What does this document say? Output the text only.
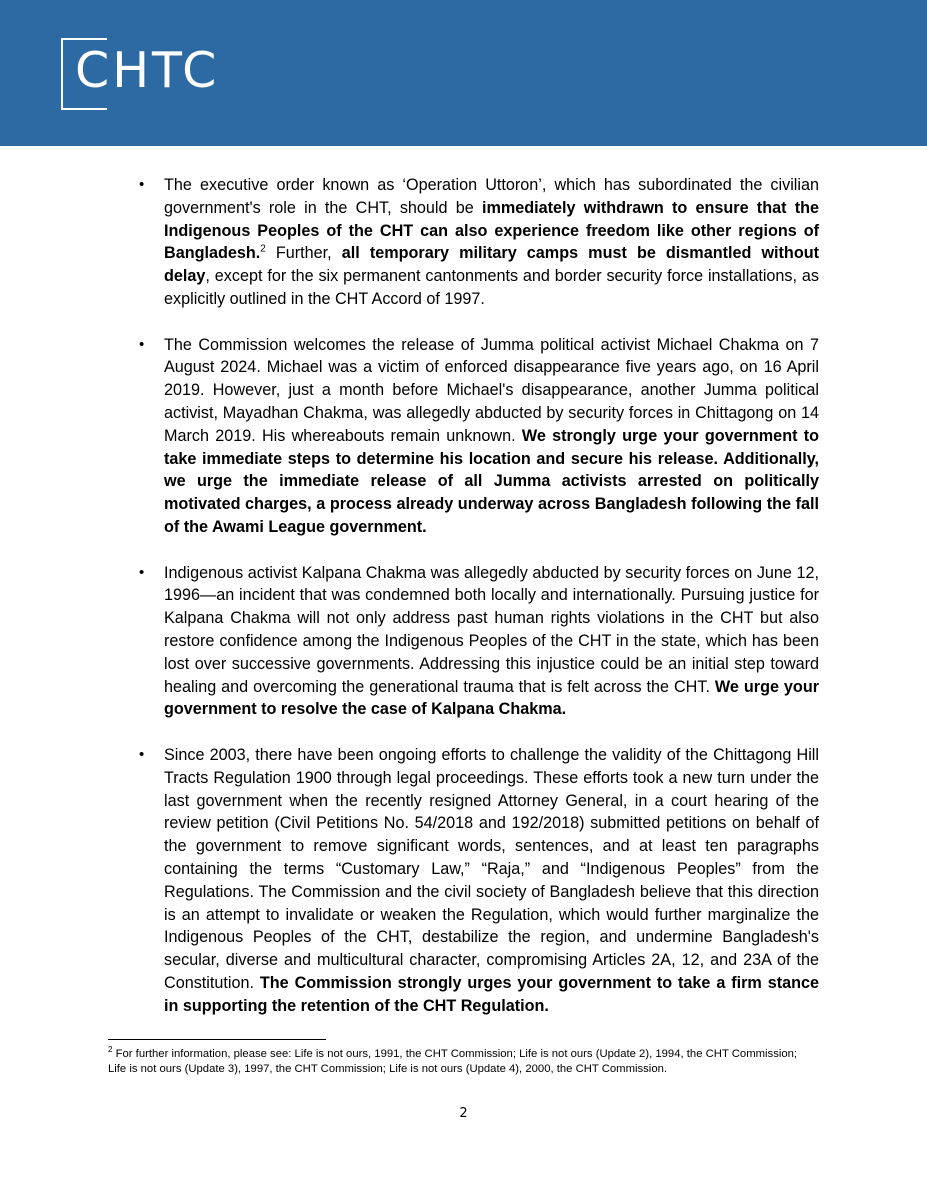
CHTC
• The executive order known as ‘Operation Uttoron’, which has subordinated the civilian government's role in the CHT, should be immediately withdrawn to ensure that the Indigenous Peoples of the CHT can also experience freedom like other regions of Bangladesh.$^2$ Further, all temporary military camps must be dismantled without delay, except for the six permanent cantonments and border security force installations, as explicitly outlined in the CHT Accord of 1997.
• The Commission welcomes the release of Jumma political activist Michael Chakma on 7 August 2024. Michael was a victim of enforced disappearance five years ago, on 16 April 2019. However, just a month before Michael's disappearance, another Jumma political activist, Mayadhan Chakma, was allegedly abducted by security forces in Chittagong on 14 March 2019. His whereabouts remain unknown. We strongly urge your government to take immediate steps to determine his location and secure his release. Additionally, we urge the immediate release of all Jumma activists arrested on politically motivated charges, a process already underway across Bangladesh following the fall of the Awami League government.
• Indigenous activist Kalpana Chakma was allegedly abducted by security forces on June 12, 1996—an incident that was condemned both locally and internationally. Pursuing justice for Kalpana Chakma will not only address past human rights violations in the CHT but also restore confidence among the Indigenous Peoples of the CHT in the state, which has been lost over successive governments. Addressing this injustice could be an initial step toward healing and overcoming the generational trauma that is felt across the CHT. We urge your government to resolve the case of Kalpana Chakma.
• Since 2003, there have been ongoing efforts to challenge the validity of the Chittagong Hill Tracts Regulation 1900 through legal proceedings. These efforts took a new turn under the last government when the recently resigned Attorney General, in a court hearing of the review petition (Civil Petitions No. 54/2018 and 192/2018) submitted petitions on behalf of the government to remove significant words, sentences, and at least ten paragraphs containing the terms “Customary Law,” “Raja,” and “Indigenous Peoples” from the Regulations. The Commission and the civil society of Bangladesh believe that this direction is an attempt to invalidate or weaken the Regulation, which would further marginalize the Indigenous Peoples of the CHT, destabilize the region, and undermine Bangladesh's secular, diverse and multicultural character, compromising Articles 2A, 12, and 23A of the Constitution. The Commission strongly urges your government to take a firm stance in supporting the retention of the CHT Regulation.
$^2$ For further information, please see: Life is not ours, 1991, the CHT Commission; Life is not ours (Update 2), 1994, the CHT Commission; Life is not ours (Update 3), 1997, the CHT Commission; Life is not ours (Update 4), 2000, the CHT Commission.
2
